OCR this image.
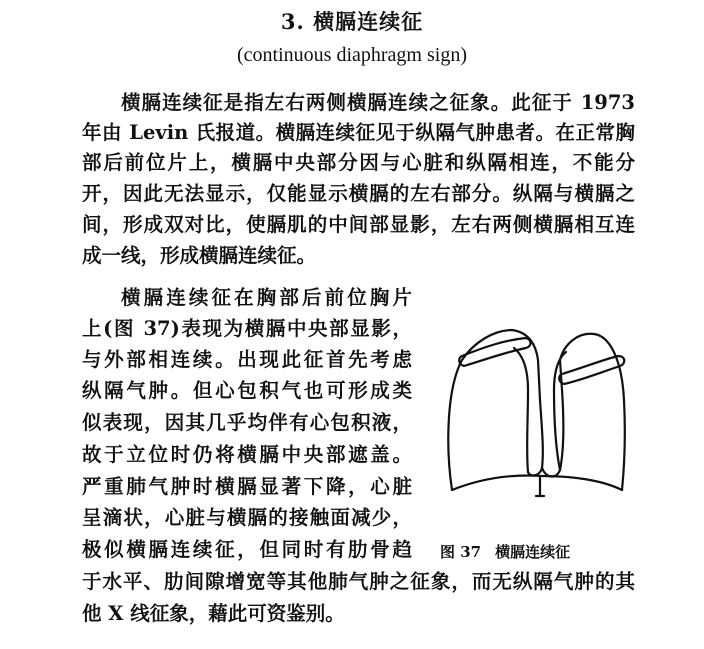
3. 横膈连续征
(continuous diaphragm sign)
横膈连续征是指左右两侧横膈连续之征象。此征于 1973
年由 Levin 氏报道。横膈连续征见于纵隔气肿患者。在正常胸
部后前位片上，横膈中央部分因与心脏和纵隔相连，不能分
开，因此无法显示，仅能显示横膈的左右部分。纵隔与横膈之
间，形成双对比，使膈肌的中间部显影，左右两侧横膈相互连
成一线，形成横膈连续征。
横膈连续征在胸部后前位胸片
上(图 37)表现为横膈中央部显影，
与外部相连续。出现此征首先考虑
纵隔气肿。但心包积气也可形成类
似表现，因其几乎均伴有心包积液，
故于立位时仍将横膈中央部遮盖。
严重肺气肿时横膈显著下降，心脏
呈滴状，心脏与横膈的接触面减少，
极似横膈连续征，但同时有肋骨趋
于水平、肋间隙增宽等其他肺气肿之征象，而无纵隔气肿的其
他 X 线征象，藉此可资鉴别。
图 37 横膈连续征
